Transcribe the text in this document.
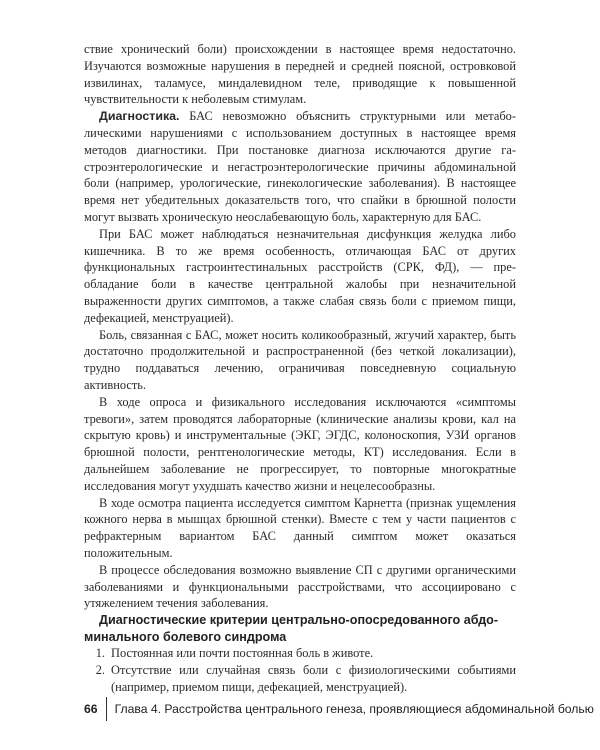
ствие хронический боли) происхождении в настоящее время недостаточно. Изучаются возможные нарушения в передней и средней поясной, островковой извилинах, таламусе, миндалевидном теле, приводящие к повышенной чувствительности к неболевым стимулам.

Диагностика. БАС невозможно объяснить структурными или метаболическими нарушениями с использованием доступных в настоящее время методов диагностики. При постановке диагноза исключаются другие гастроэнтерологические и негастроэнтерологические причины абдоминальной боли (например, урологические, гинекологические заболевания). В настоящее время нет убедительных доказательств того, что спайки в брюшной полости могут вызвать хроническую неослабевающую боль, характерную для БАС.

При БАС может наблюдаться незначительная дисфункция желудка либо кишечника. В то же время особенность, отличающая БАС от других функциональных гастроинтестинальных расстройств (СРК, ФД), — преобладание боли в качестве центральной жалобы при незначительной выраженности других симптомов, а также слабая связь боли с приемом пищи, дефекацией, менструацией).

Боль, связанная с БАС, может носить коликообразный, жгучий характер, быть достаточно продолжительной и распространенной (без четкой локализации), трудно поддаваться лечению, ограничивая повседневную социальную активность.

В ходе опроса и физикального исследования исключаются «симптомы тревоги», затем проводятся лабораторные (клинические анализы крови, кал на скрытую кровь) и инструментальные (ЭКГ, ЭГДС, колоноскопия, УЗИ органов брюшной полости, рентгенологические методы, КТ) исследования. Если в дальнейшем заболевание не прогрессирует, то повторные многократные исследования могут ухудшать качество жизни и нецелесообразны.

В ходе осмотра пациента исследуется симптом Карнетта (признак ущемления кожного нерва в мышцах брюшной стенки). Вместе с тем у части пациентов с рефрактерным вариантом БАС данный симптом может оказаться положительным.

В процессе обследования возможно выявление СП с другими органическими заболеваниями и функциональными расстройствами, что ассоциировано с утяжелением течения заболевания.

Диагностические критерии центрально-опосредованного абдоминального болевого синдрома

1. Постоянная или почти постоянная боль в животе.
2. Отсутствие или случайная связь боли с физиологическими событиями (например, приемом пищи, дефекацией, менструацией).
66 Глава 4. Расстройства центрального генеза, проявляющиеся абдоминальной болью
